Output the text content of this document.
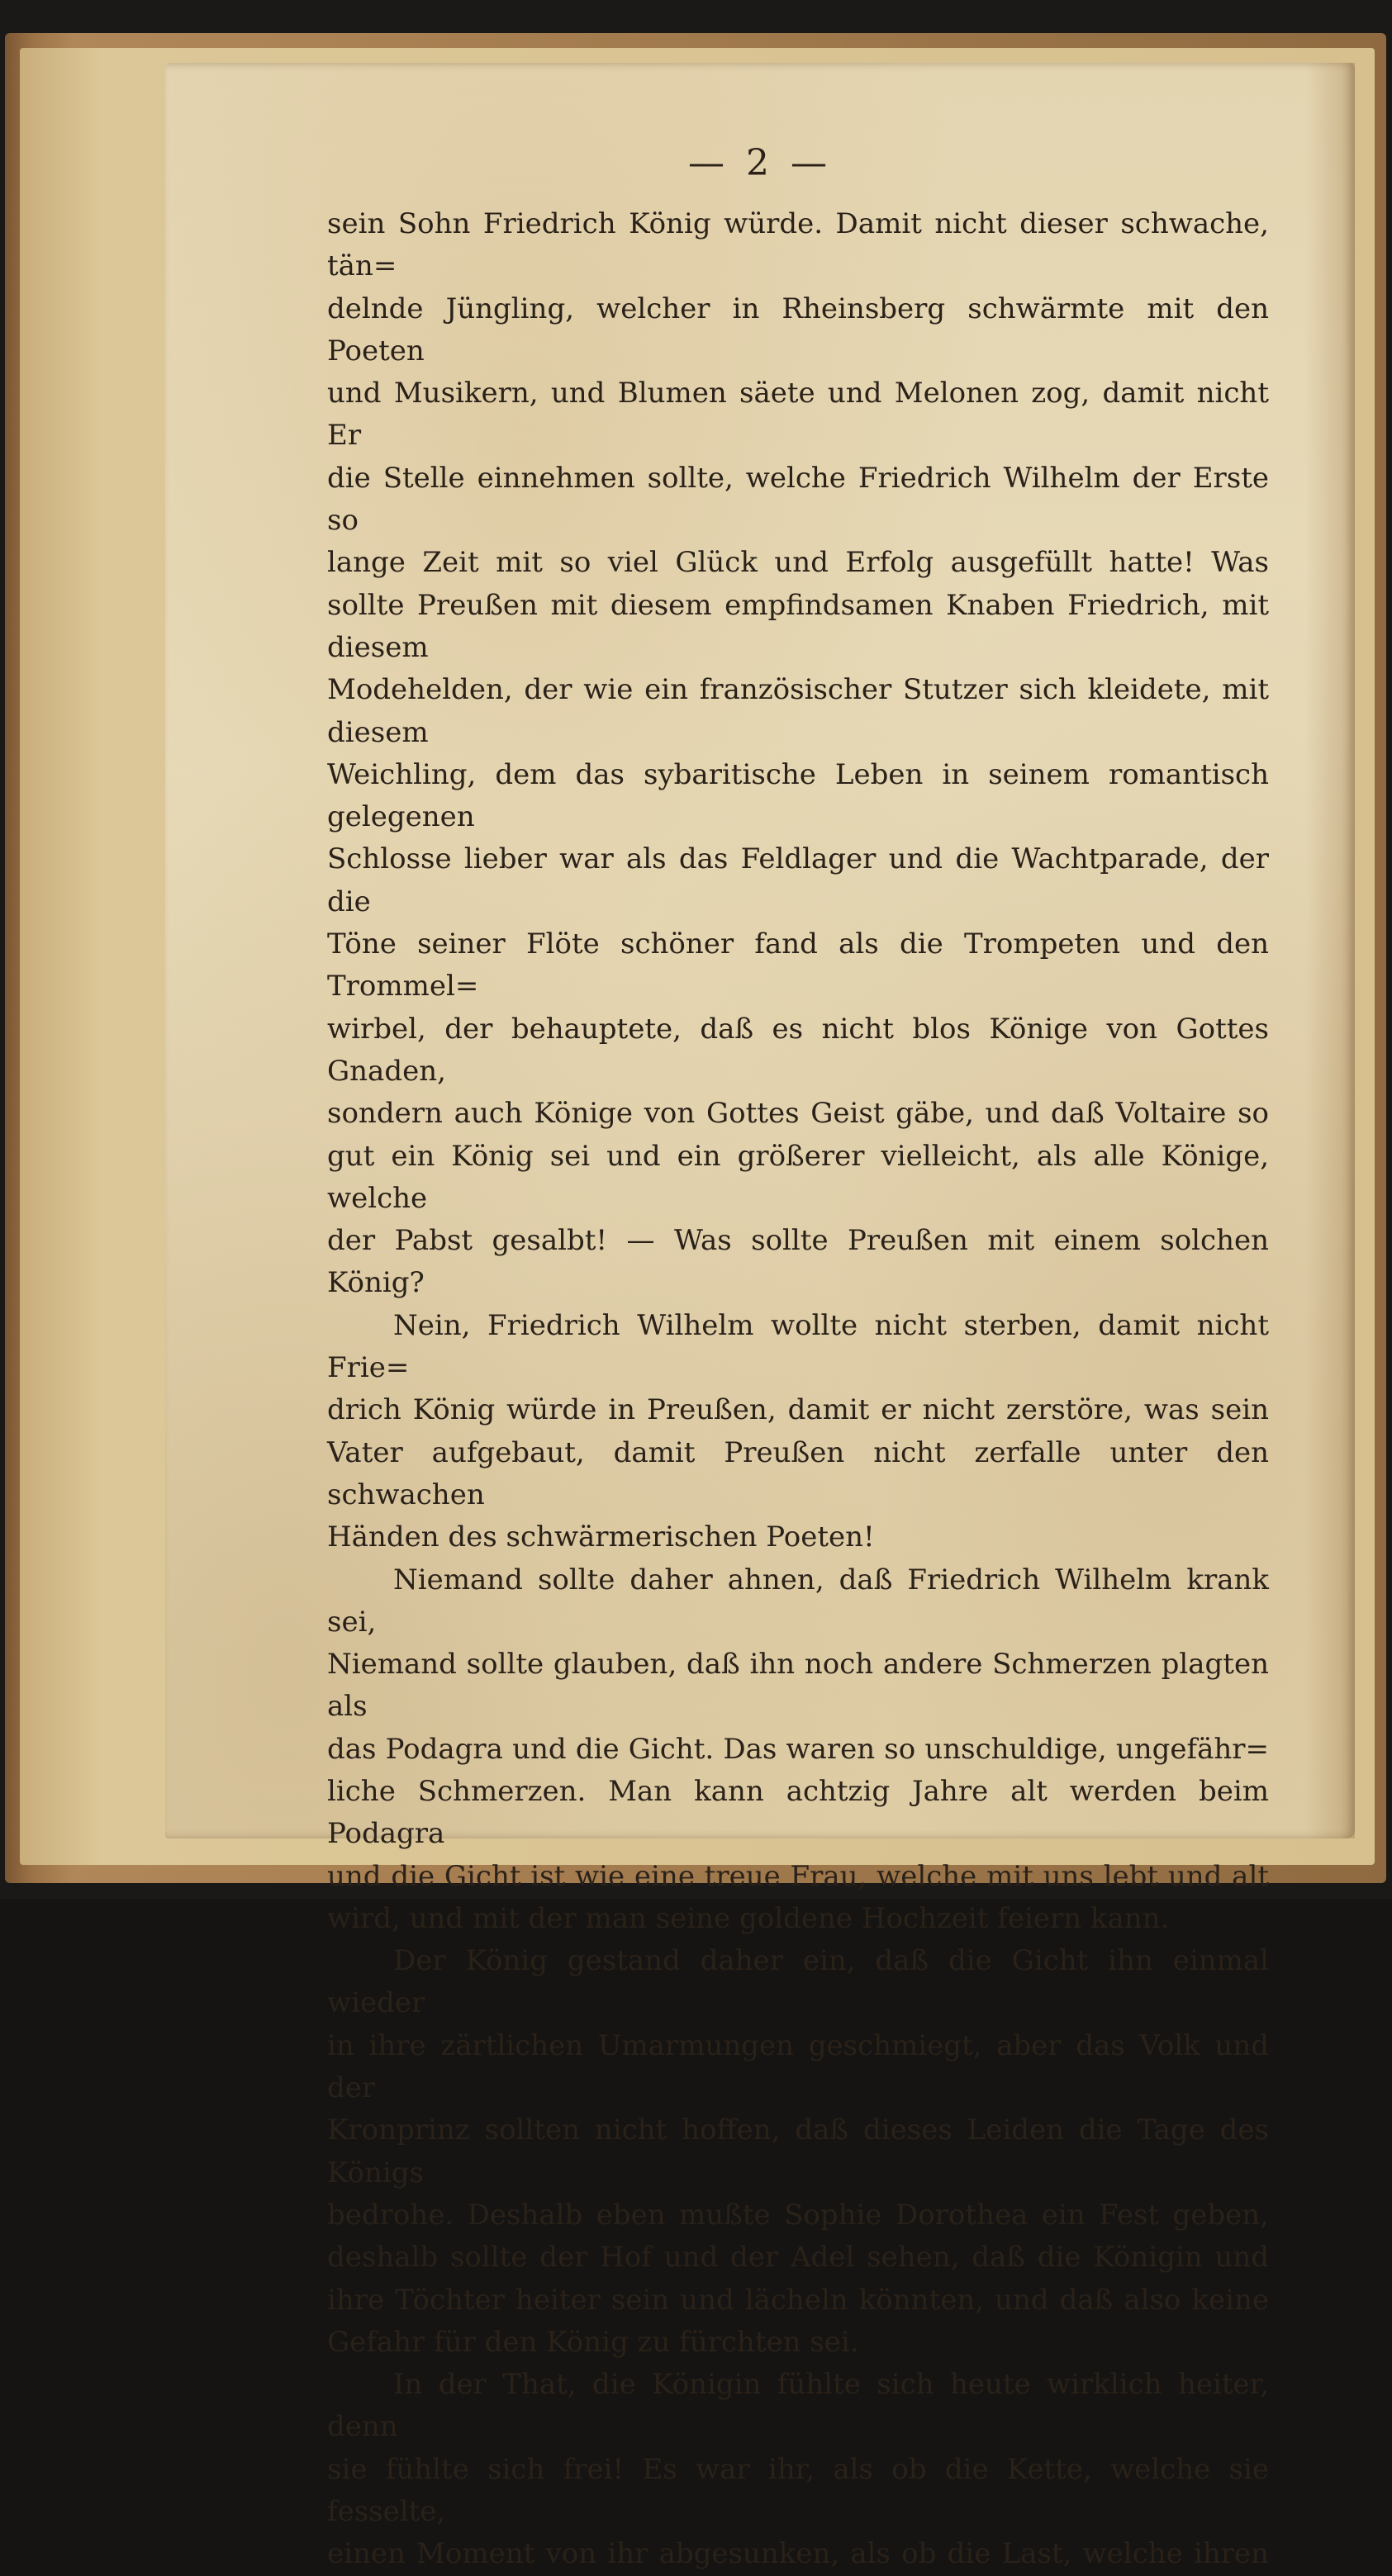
— 2 —

sein Sohn Friedrich König würde. Damit nicht dieser schwache, tän=

delnde Jüngling, welcher in Rheinsberg schwärmte mit den Poeten

und Musikern, und Blumen säete und Melonen zog, damit nicht Er

die Stelle einnehmen sollte, welche Friedrich Wilhelm der Erste so

lange Zeit mit so viel Glück und Erfolg ausgefüllt hatte! Was

sollte Preußen mit diesem empfindsamen Knaben Friedrich, mit diesem

Modehelden, der wie ein französischer Stutzer sich kleidete, mit diesem

Weichling, dem das sybaritische Leben in seinem romantisch gelegenen

Schlosse lieber war als das Feldlager und die Wachtparade, der die

Töne seiner Flöte schöner fand als die Trompeten und den Trommel=

wirbel, der behauptete, daß es nicht blos Könige von Gottes Gnaden,

sondern auch Könige von Gottes Geist gäbe, und daß Voltaire so

gut ein König sei und ein größerer vielleicht, als alle Könige, welche

der Pabst gesalbt! — Was sollte Preußen mit einem solchen König?

Nein, Friedrich Wilhelm wollte nicht sterben, damit nicht Frie=

drich König würde in Preußen, damit er nicht zerstöre, was sein

Vater aufgebaut, damit Preußen nicht zerfalle unter den schwachen

Händen des schwärmerischen Poeten!

Niemand sollte daher ahnen, daß Friedrich Wilhelm krank sei,

Niemand sollte glauben, daß ihn noch andere Schmerzen plagten als

das Podagra und die Gicht. Das waren so unschuldige, ungefähr=

liche Schmerzen. Man kann achtzig Jahre alt werden beim Podagra

und die Gicht ist wie eine treue Frau, welche mit uns lebt und alt

wird, und mit der man seine goldene Hochzeit feiern kann.

Der König gestand daher ein, daß die Gicht ihn einmal wieder

in ihre zärtlichen Umarmungen geschmiegt, aber das Volk und der

Kronprinz sollten nicht hoffen, daß dieses Leiden die Tage des Königs

bedrohe. Deshalb eben mußte Sophie Dorothea ein Fest geben,

deshalb sollte der Hof und der Adel sehen, daß die Königin und

ihre Töchter heiter sein und lächeln könnten, und daß also keine

Gefahr für den König zu fürchten sei.

In der That, die Königin fühlte sich heute wirklich heiter, denn

sie fühlte sich frei! Es war ihr, als ob die Kette, welche sie fesselte,

einen Moment von ihr abgesunken, als ob die Last, welche ihren
